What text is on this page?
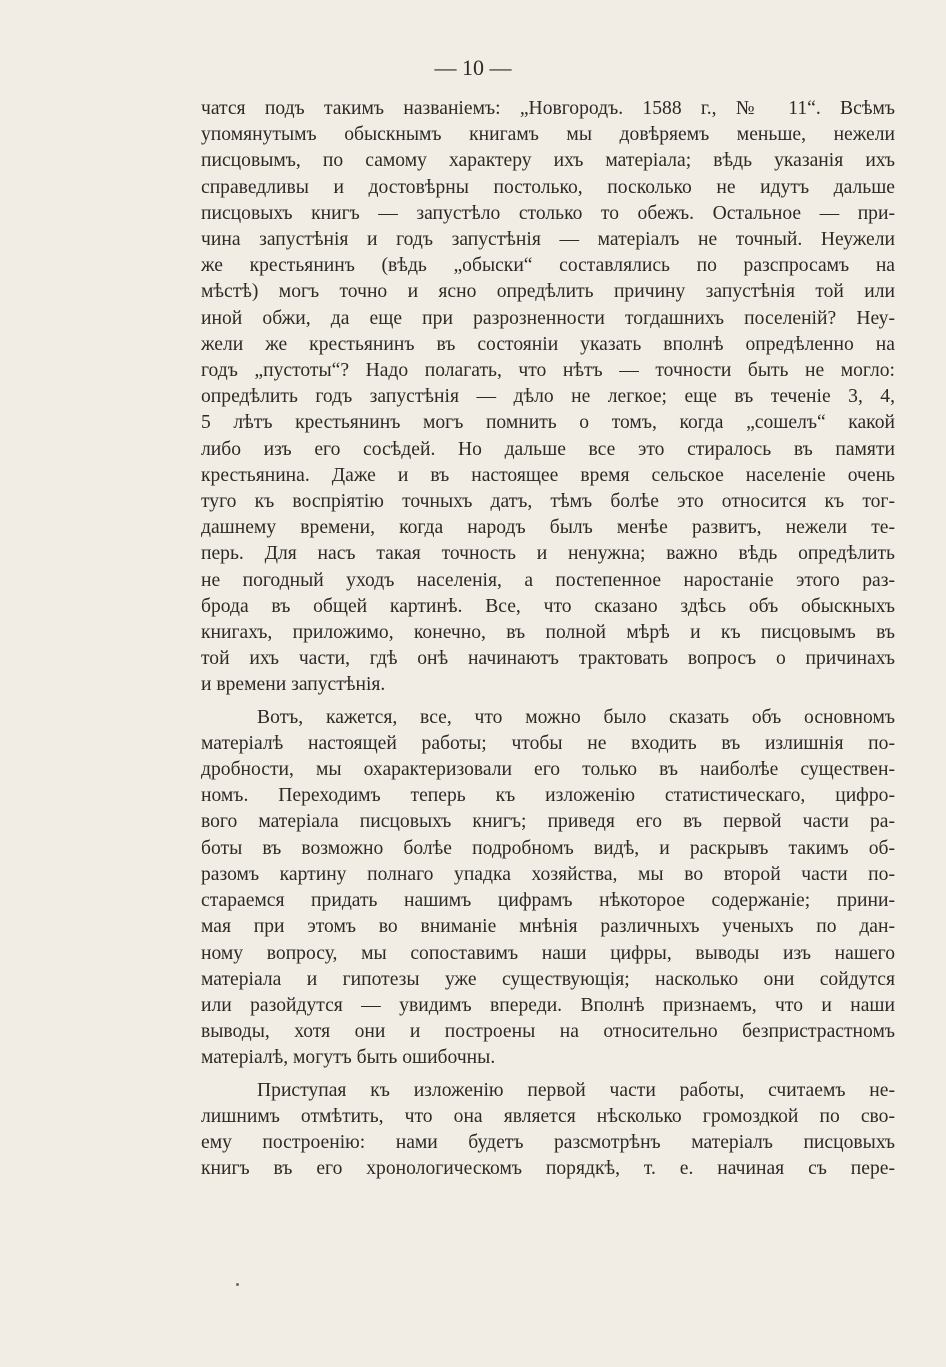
— 10 —
чатся подъ такимъ названіемъ: „Новгородъ. 1588 г., № 11“. Всѣмъ
упомянутымъ обыскнымъ книгамъ мы довѣряемъ меньше, нежели
писцовымъ, по самому характеру ихъ матеріала; вѣдь указанія ихъ
справедливы и достовѣрны постолько, посколько не идутъ дальше
писцовыхъ книгъ — запустѣло столько то обежъ. Остальное — при-
чина запустѣнія и годъ запустѣнія — матеріалъ не точный. Неужели
же крестьянинъ (вѣдь „обыски“ составлялись по разспросамъ на
мѣстѣ) могъ точно и ясно опредѣлить причину запустѣнія той или
иной обжи, да еще при разрозненности тогдашнихъ поселеній? Неу-
жели же крестьянинъ въ состояніи указать вполнѣ опредѣленно на
годъ „пустоты“? Надо полагать, что нѣтъ — точности быть не могло:
опредѣлить годъ запустѣнія — дѣло не легкое; еще въ теченіе 3, 4,
5 лѣтъ крестьянинъ могъ помнить о томъ, когда „сошелъ“ какой
либо изъ его сосѣдей. Но дальше все это стиралось въ памяти
крестьянина. Даже и въ настоящее время сельское населеніе очень
туго къ воспріятію точныхъ датъ, тѣмъ болѣе это относится къ тог-
дашнему времени, когда народъ былъ менѣе развитъ, нежели те-
перь. Для насъ такая точность и ненужна; важно вѣдь опредѣлить
не погодный уходъ населенія, а постепенное наростаніе этого раз-
брода въ общей картинѣ. Все, что сказано здѣсь объ обыскныхъ
книгахъ, приложимо, конечно, въ полной мѣрѣ и къ писцовымъ въ
той ихъ части, гдѣ онѣ начинаютъ трактовать вопросъ о причинахъ
и времени запустѣнія.
Вотъ, кажется, все, что можно было сказать объ основномъ
матеріалѣ настоящей работы; чтобы не входить въ излишнія по-
дробности, мы охарактеризовали его только въ наиболѣе существен-
номъ. Переходимъ теперь къ изложенію статистическаго, цифро-
вого матеріала писцовыхъ книгъ; приведя его въ первой части ра-
боты въ возможно болѣе подробномъ видѣ, и раскрывъ такимъ об-
разомъ картину полнаго упадка хозяйства, мы во второй части по-
стараемся придать нашимъ цифрамъ нѣкоторое содержаніе; прини-
мая при этомъ во вниманіе мнѣнія различныхъ ученыхъ по дан-
ному вопросу, мы сопоставимъ наши цифры, выводы изъ нашего
матеріала и гипотезы уже существующія; насколько они сойдутся
или разойдутся — увидимъ впереди. Вполнѣ признаемъ, что и наши
выводы, хотя они и построены на относительно безпристрастномъ
матеріалѣ, могутъ быть ошибочны.
Приступая къ изложенію первой части работы, считаемъ не-
лишнимъ отмѣтить, что она является нѣсколько громоздкой по сво-
ему построенію: нами будетъ разсмотрѣнъ матеріалъ писцовыхъ
книгъ въ его хронологическомъ порядкѣ, т. е. начиная съ пере-
